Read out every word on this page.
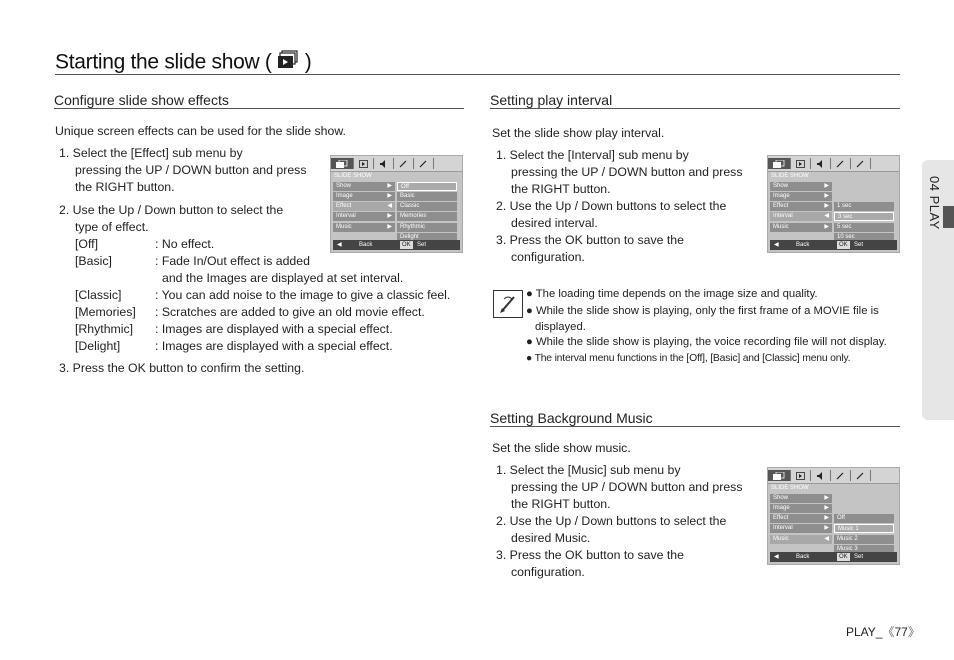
Starting the slide show ( )
04 PLAY
Configure slide show effects
Unique screen effects can be used for the slide show.
1. Select the [Effect] sub menu by
pressing the UP / DOWN button and press
the RIGHT button.
2. Use the Up / Down button to select the
type of effect.
[Off]	: No effect.
[Basic]	: Fade In/Out effect is added
and the Images are displayed at set interval.
[Classic]	: You can add noise to the image to give a classic feel.
[Memories] : Scratches are added to give an old movie effect.
[Rhythmic] : Images are displayed with a special effect.
[Delight]	: Images are displayed with a special effect.
3. Press the OK button to confirm the setting.
SLIDE SHOW
Show	▶
Image	▶
Effect	◀
Interval	▶
Music	▶
Off
Basic
Classic
Memories
Rhythmic
Delight
◀	Back	OK	Set
Setting play interval
Set the slide show play interval.
1. Select the [Interval] sub menu by
pressing the UP / DOWN button and press
the RIGHT button.
2. Use the Up / Down buttons to select the
desired interval.
3. Press the OK button to save the
configuration.
SLIDE SHOW
Show	▶
Image	▶
Effect	▶
Interval	◀
Music	▶
1 sec
3 sec
5 sec
10 sec
◀	Back	OK	Set
● The loading time depends on the image size and quality.
● While the slide show is playing, only the first frame of a MOVIE file is
displayed.
● While the slide show is playing, the voice recording file will not display.
● The interval menu functions in the [Off], [Basic] and [Classic] menu only.
Setting Background Music
Set the slide show music.
1. Select the [Music] sub menu by
pressing the UP / DOWN button and press
the RIGHT button.
2. Use the Up / Down buttons to select the
desired Music.
3. Press the OK button to save the
configuration.
SLIDE SHOW
Show	▶
Image	▶
Effect	▶
Interval	▶
Music	◀
Off
Music 1
Music 2
Music 3
◀	Back	OK	Set
PLAY_《77》
